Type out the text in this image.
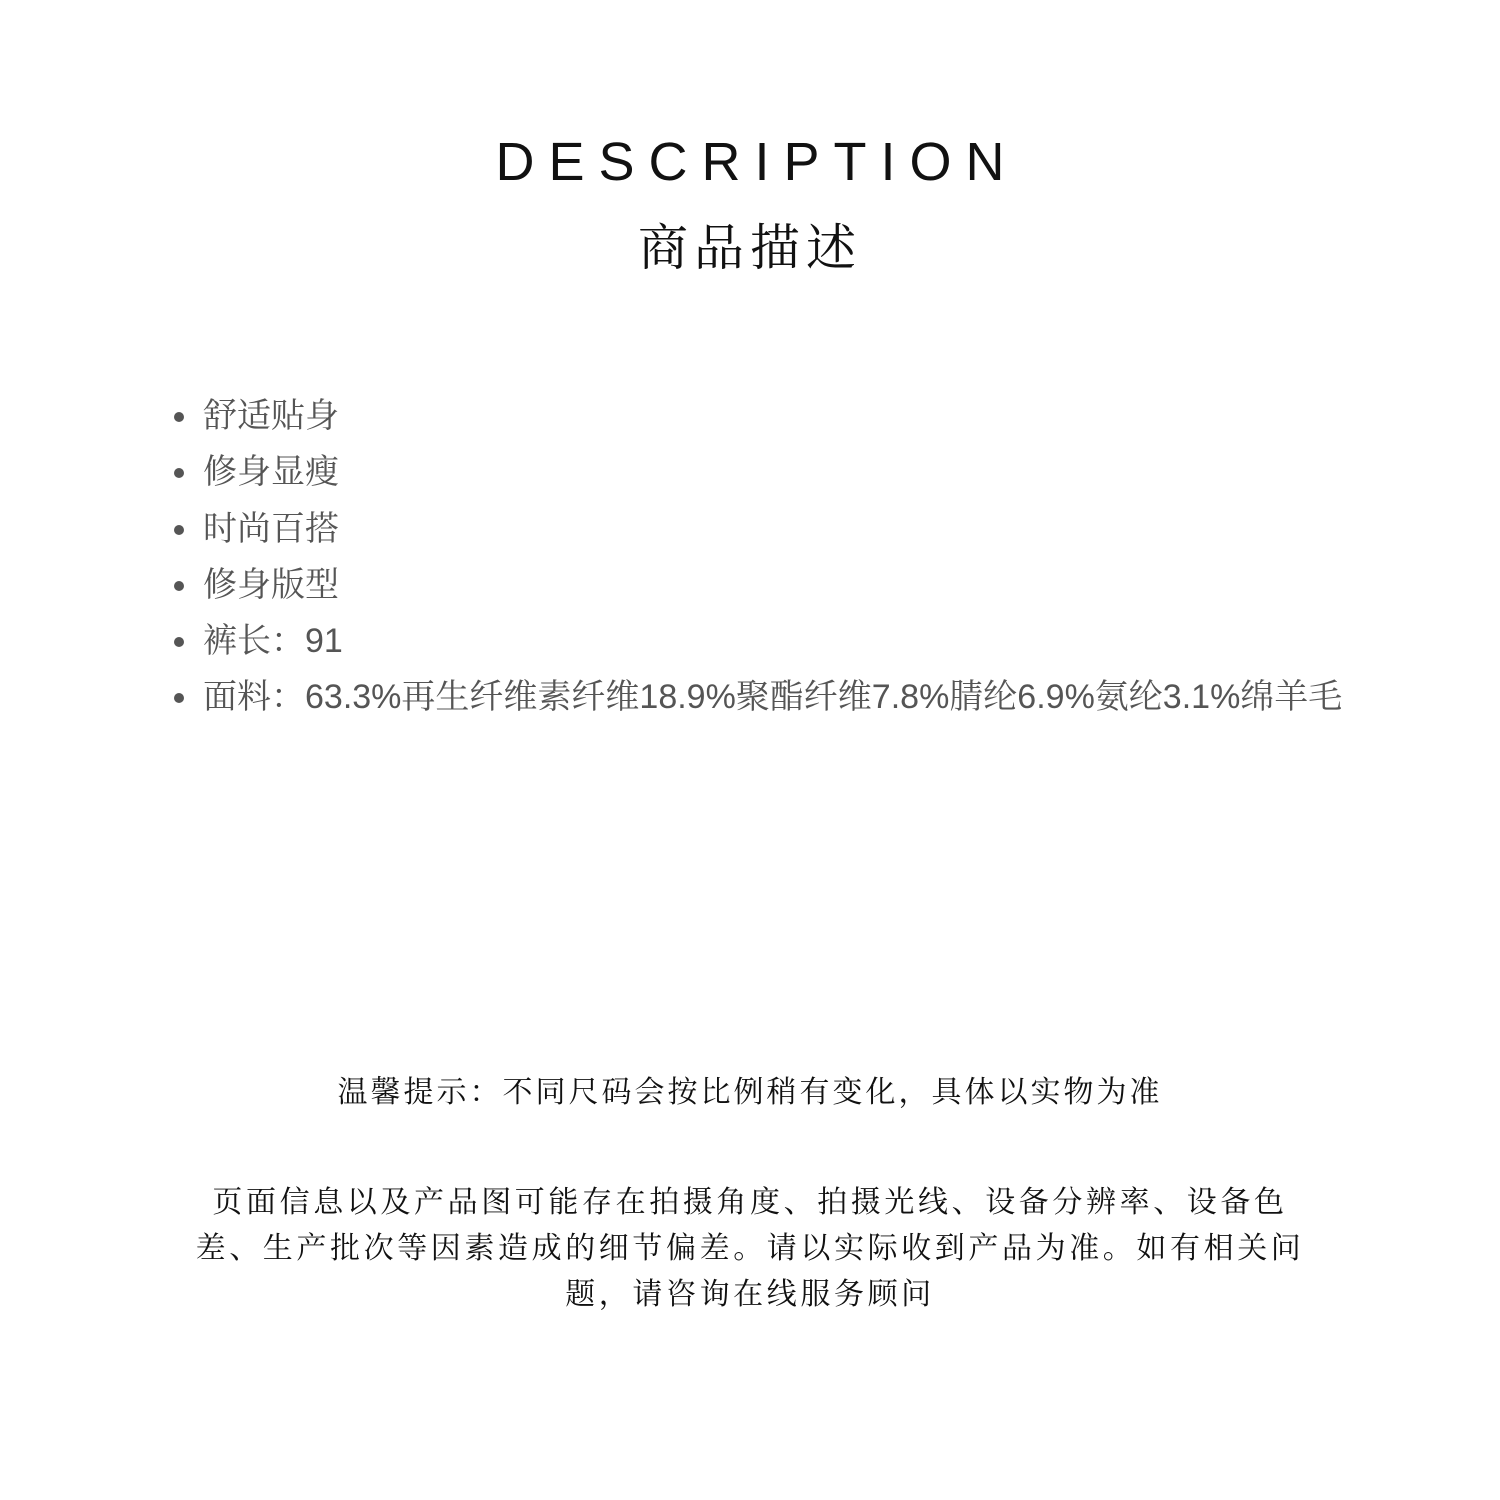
DESCRIPTION
商品描述
舒适贴身
修身显瘦
时尚百搭
修身版型
裤长：91
面料：63.3%再生纤维素纤维18.9%聚酯纤维7.8%腈纶6.9%氨纶3.1%绵羊毛
温馨提示：不同尺码会按比例稍有变化，具体以实物为准
页面信息以及产品图可能存在拍摄角度、拍摄光线、设备分辨率、设备色差、生产批次等因素造成的细节偏差。请以实际收到产品为准。如有相关问题，请咨询在线服务顾问
